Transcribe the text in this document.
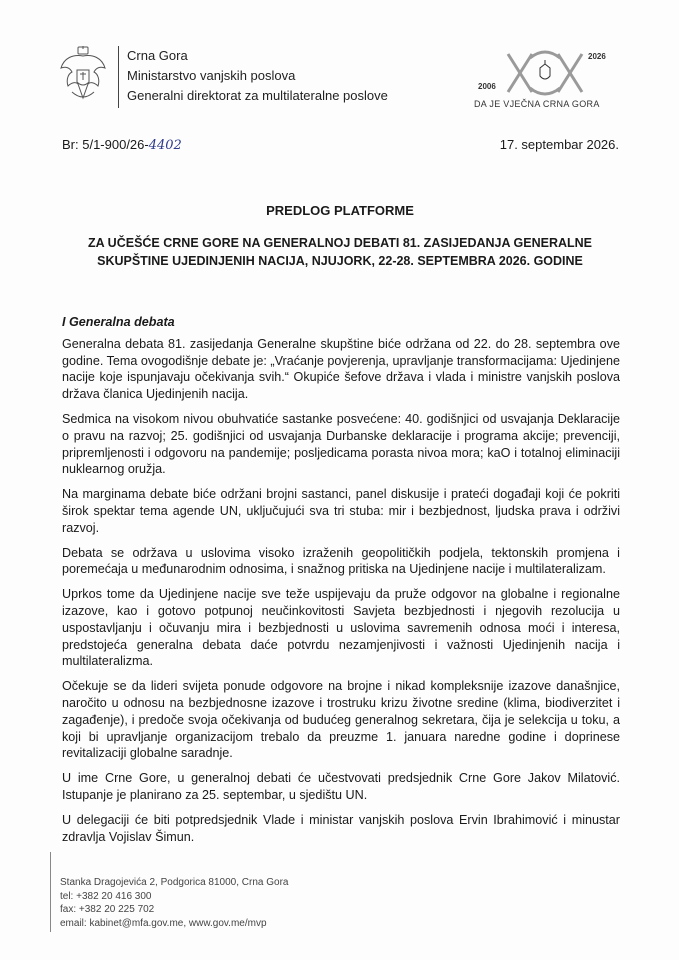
Crna Gora
Ministarstvo vanjskih poslova
Generalni direktorat za multilateralne poslove
2006
2026
DA JE VJEČNA CRNA GORA
Br: 5/1-900/26-4402	17. septembar 2026.
PREDLOG PLATFORME
ZA UČEŠĆE CRNE GORE NA GENERALNOJ DEBATI 81. ZASIJEDANJA GENERALNE
SKUPŠTINE UJEDINJENIH NACIJA, NJUJORK, 22-28. SEPTEMBRA 2026. GODINE
I Generalna debata

Generalna debata 81. zasijedanja Generalne skupštine biće održana od 22. do 28. septembra ove godine. Tema ovogodišnje debate je: „Vraćanje povjerenja, upravljanje transformacijama: Ujedinjene nacije koje ispunjavaju očekivanja svih.“ Okupiće šefove država i vlada i ministre vanjskih poslova država članica Ujedinjenih nacija.

Sedmica na visokom nivou obuhvatiće sastanke posvećene: 40. godišnjici od usvajanja Deklaracije o pravu na razvoj; 25. godišnjici od usvajanja Durbanske deklaracije i programa akcije; prevenciji, pripremljenosti i odgovoru na pandemije; posljedicama porasta nivoa mora; kaO i totalnoj eliminaciji nuklearnog oružja.

Na marginama debate biće održani brojni sastanci, panel diskusije i prateći događaji koji će pokriti širok spektar tema agende UN, uključujući sva tri stuba: mir i bezbjednost, ljudska prava i održivi razvoj.

Debata se održava u uslovima visoko izraženih geopolitičkih podjela, tektonskih promjena i poremećaja u međunarodnim odnosima, i snažnog pritiska na Ujedinjene nacije i multilateralizam.

Uprkos tome da Ujedinjene nacije sve teže uspijevaju da pruže odgovor na globalne i regionalne izazove, kao i gotovo potpunoj neučinkovitosti Savjeta bezbjednosti i njegovih rezolucija u uspostavljanju i očuvanju mira i bezbjednosti u uslovima savremenih odnosa moći i interesa, predstojeća generalna debata daće potvrdu nezamjenjivosti i važnosti Ujedinjenih nacija i multilateralizma.

Očekuje se da lideri svijeta ponude odgovore na brojne i nikad kompleksnije izazove današnjice, naročito u odnosu na bezbjednosne izazove i trostruku krizu životne sredine (klima, biodiverzitet i zagađenje), i predoče svoja očekivanja od budućeg generalnog sekretara, čija je selekcija u toku, a koji bi upravljanje organizacijom trebalo da preuzme 1. januara naredne godine i doprinese revitalizaciji globalne saradnje.

U ime Crne Gore, u generalnoj debati će učestvovati predsjednik Crne Gore Jakov Milatović. Istupanje je planirano za 25. septembar, u sjedištu UN.

U delegaciji će biti potpredsjednik Vlade i ministar vanjskih poslova Ervin Ibrahimović i minustar zdravlja Vojislav Šimun.

Stanka Dragojevića 2, Podgorica 81000, Crna Gora
tel: +382 20 416 300
fax: +382 20 225 702
email: kabinet@mfa.gov.me, www.gov.me/mvp
